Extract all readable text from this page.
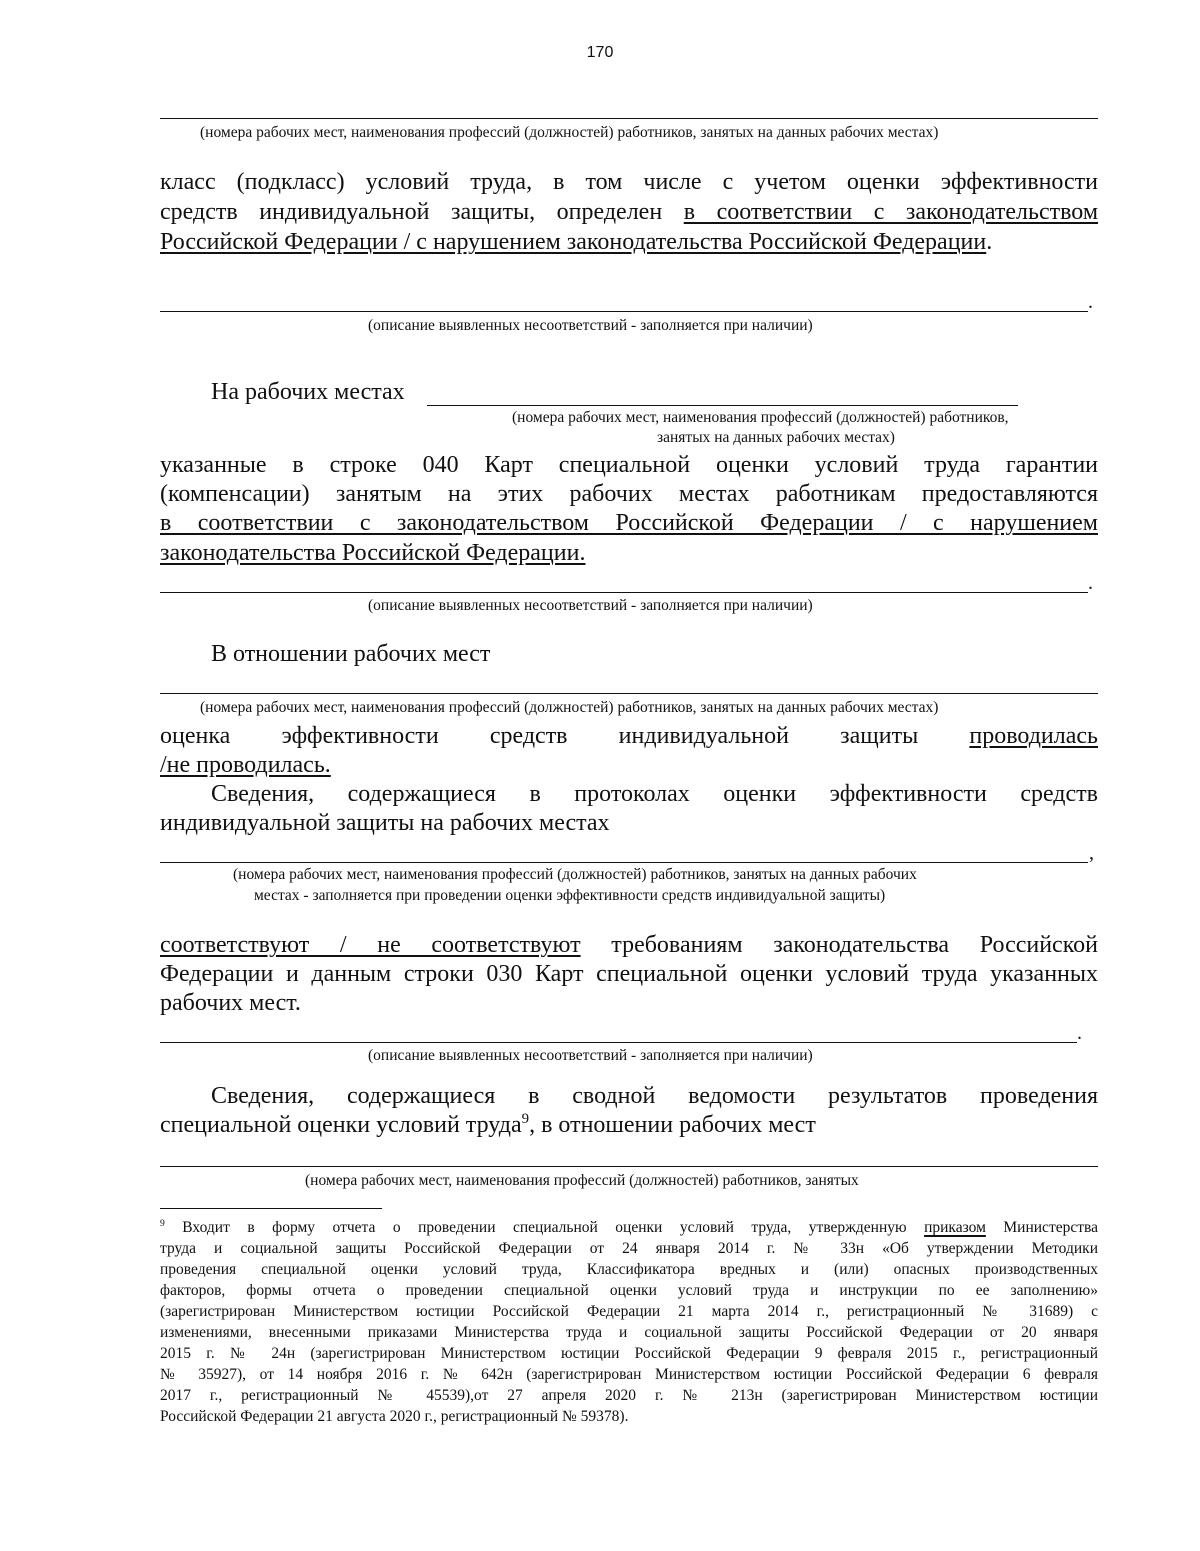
170
(номера рабочих мест, наименования профессий (должностей) работников, занятых на данных рабочих местах)
класс (подкласс) условий труда, в том числе с учетом оценки эффективности
средств индивидуальной защиты, определен в соответствии с законодательством
Российской Федерации / с нарушением законодательства Российской Федерации.
.
(описание выявленных несоответствий - заполняется при наличии)
На рабочих местах
(номера рабочих мест, наименования профессий (должностей) работников,
занятых на данных рабочих местах)
указанные в строке 040 Карт специальной оценки условий труда гарантии
(компенсации) занятым на этих рабочих местах работникам предоставляются
в соответствии с законодательством Российской Федерации / с нарушением
законодательства Российской Федерации.
.
(описание выявленных несоответствий - заполняется при наличии)
В отношении рабочих мест
(номера рабочих мест, наименования профессий (должностей) работников, занятых на данных рабочих местах)
оценка эффективности средств индивидуальной защиты проводилась
/не проводилась.
Сведения, содержащиеся в протоколах оценки эффективности средств
индивидуальной защиты на рабочих местах
,
(номера рабочих мест, наименования профессий (должностей) работников, занятых на данных рабочих
местах - заполняется при проведении оценки эффективности средств индивидуальной защиты)
соответствуют / не соответствуют требованиям законодательства Российской
Федерации и данным строки 030 Карт специальной оценки условий труда указанных
рабочих мест.
.
(описание выявленных несоответствий - заполняется при наличии)
Сведения, содержащиеся в сводной ведомости результатов проведения
специальной оценки условий труда$^9$, в отношении рабочих мест
(номера рабочих мест, наименования профессий (должностей) работников, занятых
$^9$ Входит в форму отчета о проведении специальной оценки условий труда, утвержденную приказом Министерства
труда и социальной защиты Российской Федерации от 24 января 2014 г. № 33н «Об утверждении Методики
проведения специальной оценки условий труда, Классификатора вредных и (или) опасных производственных
факторов, формы отчета о проведении специальной оценки условий труда и инструкции по ее заполнению»
(зарегистрирован Министерством юстиции Российской Федерации 21 марта 2014 г., регистрационный № 31689) с
изменениями, внесенными приказами Министерства труда и социальной защиты Российской Федерации от 20 января
2015 г. № 24н (зарегистрирован Министерством юстиции Российской Федерации 9 февраля 2015 г., регистрационный
№ 35927), от 14 ноября 2016 г. № 642н (зарегистрирован Министерством юстиции Российской Федерации 6 февраля
2017 г., регистрационный № 45539),от 27 апреля 2020 г. № 213н (зарегистрирован Министерством юстиции
Российской Федерации 21 августа 2020 г., регистрационный № 59378).
